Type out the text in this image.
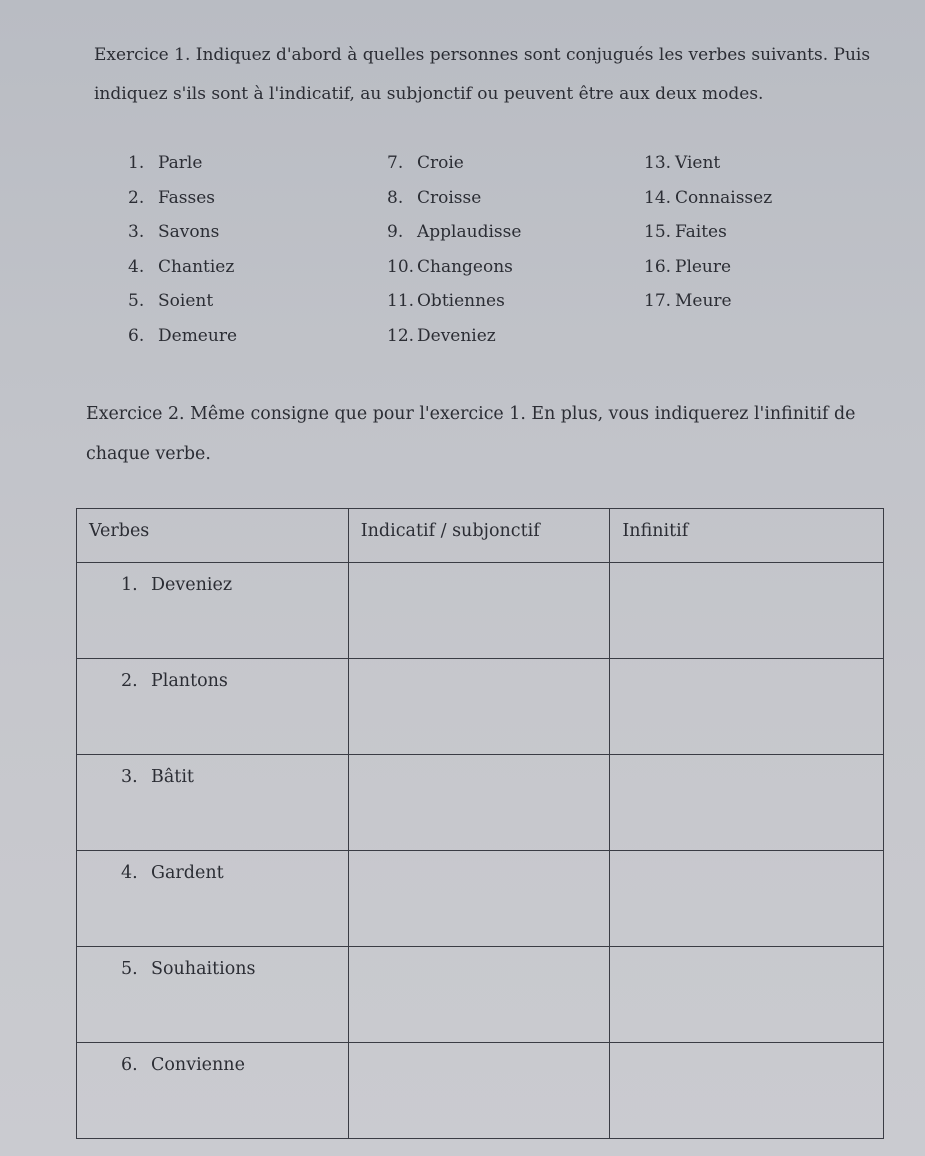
Exercice 1. Indiquez d'abord à quelles personnes sont conjugués les verbes suivants. Puis indiquez s'ils sont à l'indicatif, au subjonctif ou peuvent être aux deux modes.

1. Parle
2. Fasses
3. Savons
4. Chantiez
5. Soient
6. Demeure
7. Croie
8. Croisse
9. Applaudisse
10. Changeons
11. Obtiennes
12. Deveniez
13. Vient
14. Connaissez
15. Faites
16. Pleure
17. Meure

Exercice 2. Même consigne que pour l'exercice 1. En plus, vous indiquerez l'infinitif de chaque verbe.

Verbes	Indicatif / subjonctif	Infinitif
1. Deveniez		
2. Plantons		
3. Bâtit		
4. Gardent		
5. Souhaitions		
6. Convienne		
